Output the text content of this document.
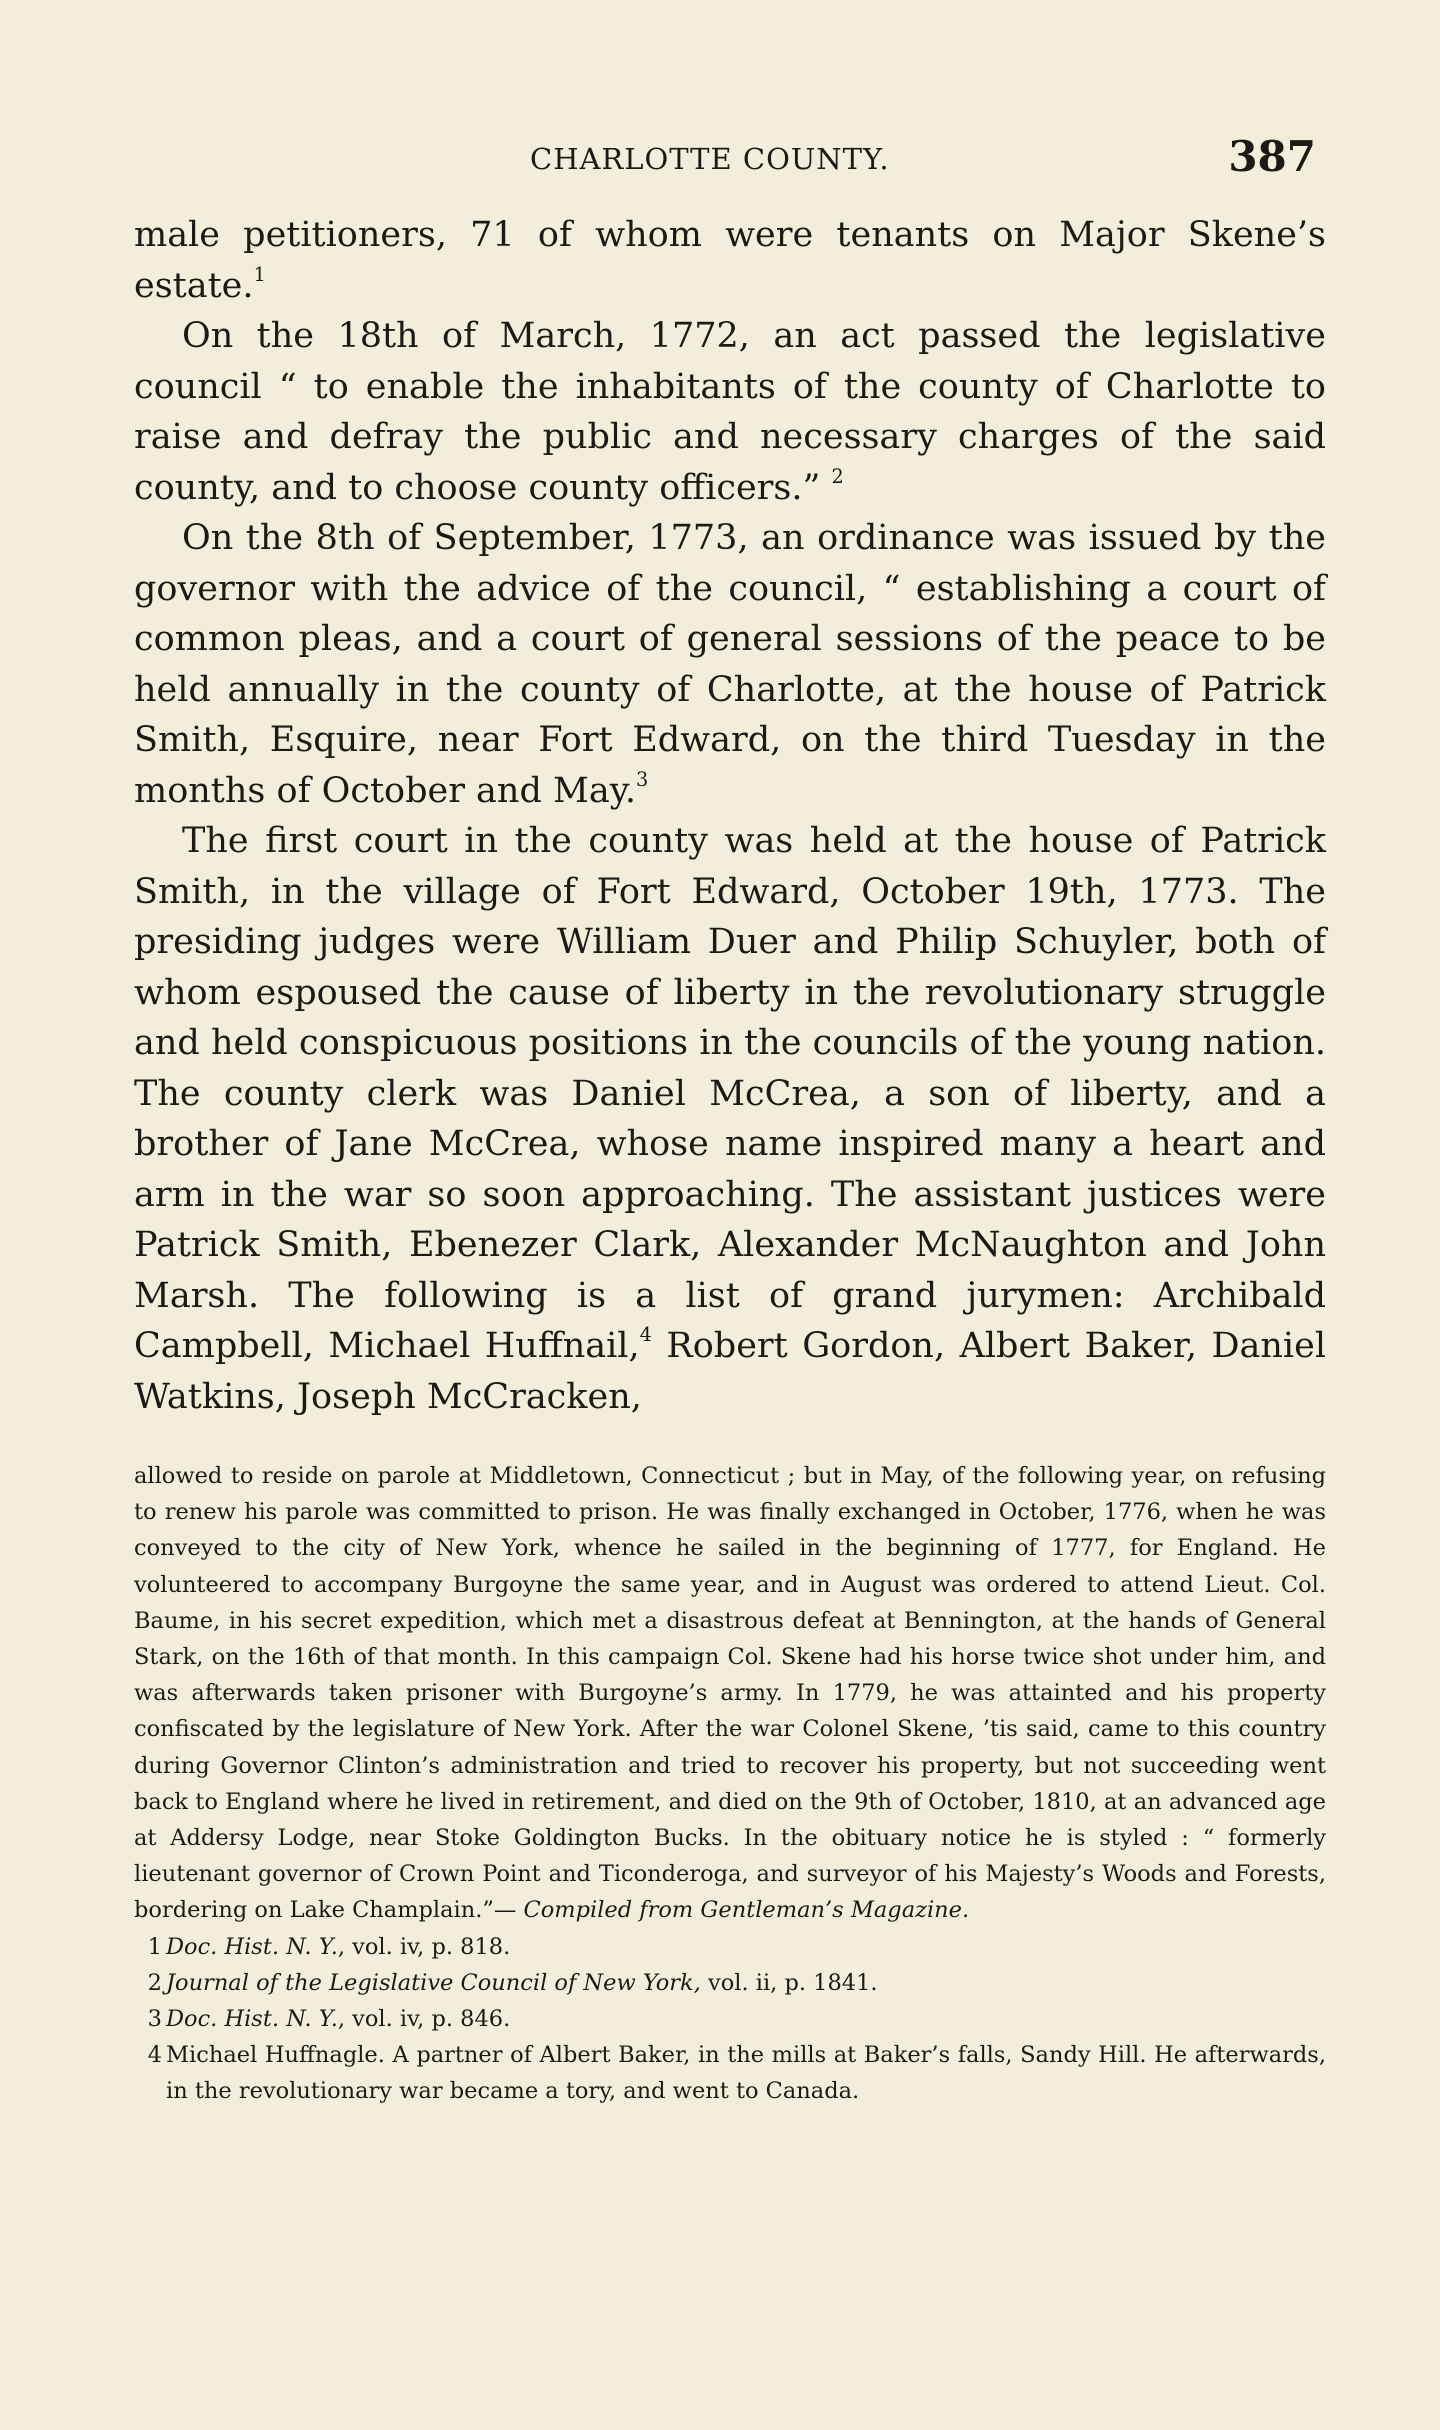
CHARLOTTE COUNTY.	387

male petitioners, 71 of whom were tenants on Major Skene’s estate.$^1$

On the 18th of March, 1772, an act passed the legislative council “ to enable the inhabitants of the county of Charlotte to raise and defray the public and necessary charges of the said county, and to choose county officers.” $^2$

On the 8th of September, 1773, an ordinance was issued by the governor with the advice of the council, “ establishing a court of common pleas, and a court of general sessions of the peace to be held annually in the county of Charlotte, at the house of Patrick Smith, Esquire, near Fort Edward, on the third Tuesday in the months of October and May.$^3$

The first court in the county was held at the house of Patrick Smith, in the village of Fort Edward, October 19th, 1773. The presiding judges were William Duer and Philip Schuyler, both of whom espoused the cause of liberty in the revolutionary struggle and held conspicuous positions in the councils of the young nation. The county clerk was Daniel McCrea, a son of liberty, and a brother of Jane McCrea, whose name inspired many a heart and arm in the war so soon approaching. The assistant justices were Patrick Smith, Ebenezer Clark, Alexander McNaughton and John Marsh. The following is a list of grand jurymen: Archibald Campbell, Michael Huffnail,$^4$ Robert Gordon, Albert Baker, Daniel Watkins, Joseph McCracken,

allowed to reside on parole at Middletown, Connecticut ; but in May, of the following year, on refusing to renew his parole was committed to prison. He was finally exchanged in October, 1776, when he was conveyed to the city of New York, whence he sailed in the beginning of 1777, for England. He volunteered to accompany Burgoyne the same year, and in August was ordered to attend Lieut. Col. Baume, in his secret expedition, which met a disastrous defeat at Bennington, at the hands of General Stark, on the 16th of that month. In this campaign Col. Skene had his horse twice shot under him, and was afterwards taken prisoner with Burgoyne’s army. In 1779, he was attainted and his property confiscated by the legislature of New York. After the war Colonel Skene, ’tis said, came to this country during Governor Clinton’s administration and tried to recover his property, but not succeeding went back to England where he lived in retirement, and died on the 9th of October, 1810, at an advanced age at Addersy Lodge, near Stoke Goldington Bucks. In the obituary notice he is styled : “ formerly lieutenant governor of Crown Point and Ticonderoga, and surveyor of his Majesty’s Woods and Forests, bordering on Lake Champlain.”— Compiled from Gentleman’s Magazine.

1 Doc. Hist. N. Y., vol. iv, p. 818.

2 Journal of the Legislative Council of New York, vol. ii, p. 1841.

3 Doc. Hist. N. Y., vol. iv, p. 846.

4 Michael Huffnagle. A partner of Albert Baker, in the mills at Baker’s falls, Sandy Hill. He afterwards, in the revolutionary war became a tory, and went to Canada.
